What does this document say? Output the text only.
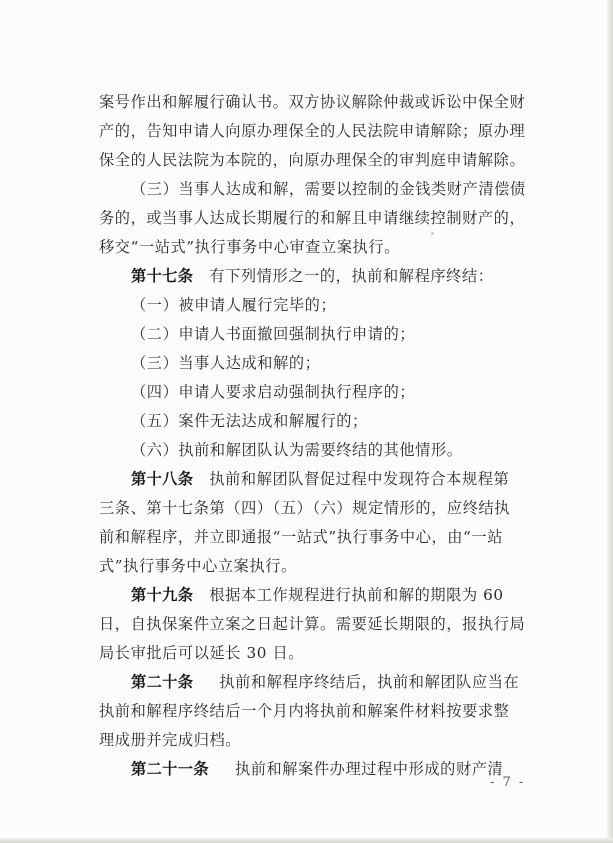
案号作出和解履行确认书。双方协议解除仲裁或诉讼中保全财
产的，告知申请人向原办理保全的人民法院申请解除；原办理
保全的人民法院为本院的，向原办理保全的审判庭申请解除。
（三）当事人达成和解，需要以控制的金钱类财产清偿债
务的，或当事人达成长期履行的和解且申请继续控制财产的，
移交“一站式”执行事务中心审查立案执行。
第十七条 有下列情形之一的，执前和解程序终结：
（一）被申请人履行完毕的；
（二）申请人书面撤回强制执行申请的；
（三）当事人达成和解的；
（四）申请人要求启动强制执行程序的；
（五）案件无法达成和解履行的；
（六）执前和解团队认为需要终结的其他情形。
第十八条 执前和解团队督促过程中发现符合本规程第
三条、第十七条第（四）（五）（六）规定情形的，应终结执
前和解程序，并立即通报“一站式”执行事务中心，由“一站
式”执行事务中心立案执行。
第十九条 根据本工作规程进行执前和解的期限为 60
日，自执保案件立案之日起计算。需要延长期限的，报执行局
局长审批后可以延长 30 日。
第二十条 执前和解程序终结后，执前和解团队应当在
执前和解程序终结后一个月内将执前和解案件材料按要求整
理成册并完成归档。
第二十一条 执前和解案件办理过程中形成的财产清
- 7 -
